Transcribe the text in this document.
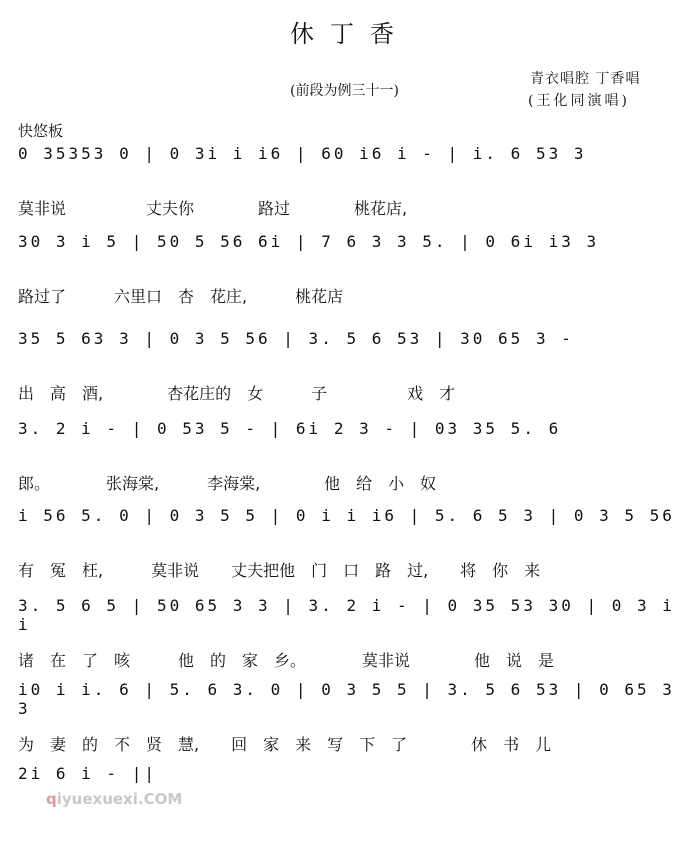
休丁香
(前段为例三十一)
青衣唱腔 丁香唱
(王化同演唱)
快悠板
0 35353 0 | 0 3i i i6 | 60 i6 i - | i. 6 53 3
莫非说　　　　　丈夫你　　　　路过　　　　桃花店,
30 3 i 5 | 50 5 56 6i | 7 6 3 3 5. | 0 6i i3 3
路过了　　　六里口　杏　花庄,　　　桃花店
35 5 63 3 | 0 3 5 56 | 3. 5 6 53 | 30 65 3 -
出　高　酒,　　　　杏花庄的　女　　　子　　　　　戏　才
3. 2 i - | 0 53 5 - | 6i 2 3 - | 03 35 5. 6
郎。　　　　张海棠,　　　李海棠,　　　　他　给　小　奴
i 56 5. 0 | 0 3 5 5 | 0 i i i6 | 5. 6 5 3 | 0 3 5 56
有　冤　枉,　　　莫非说　　丈夫把他　门　口　路　过,　　将　你　来
3. 5 6 5 | 50 65 3 3 | 3. 2 i - | 0 35 53 30 | 0 3 i i
诸　在　了　咳　　　他　的　家　乡。　　　　莫非说　　　　他　说　是
i0 i i. 6 | 5. 6 3. 0 | 0 3 5 5 | 3. 5 6 53 | 0 65 3 3
为　妻　的　不　贤　慧,　　回　家　来　写　下　了　　　　休　书　儿
2i 6 i - ||
qiyuexuexi.COM
